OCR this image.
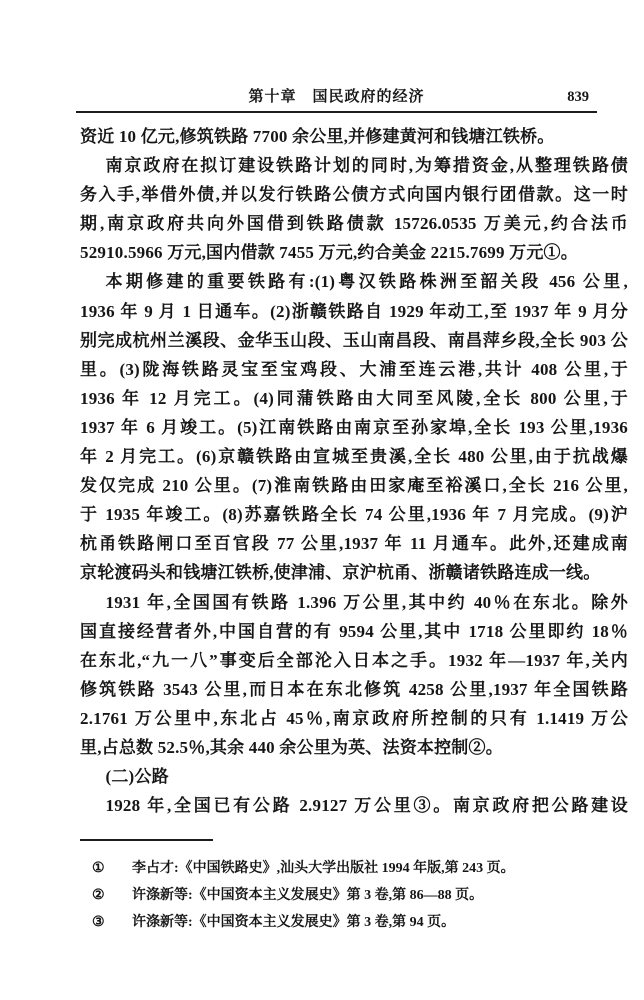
第十章　国民政府的经济	839
资近 10 亿元,修筑铁路 7700 余公里,并修建黄河和钱塘江铁桥。
南京政府在拟订建设铁路计划的同时,为筹措资金,从整理铁路债
务入手,举借外债,并以发行铁路公债方式向国内银行团借款。这一时
期,南京政府共向外国借到铁路债款 15726.0535 万美元,约合法币
52910.5966 万元,国内借款 7455 万元,约合美金 2215.7699 万元①。
本期修建的重要铁路有:(1)粤汉铁路株洲至韶关段 456 公里,
1936 年 9 月 1 日通车。(2)浙赣铁路自 1929 年动工,至 1937 年 9 月分
别完成杭州兰溪段、金华玉山段、玉山南昌段、南昌萍乡段,全长 903 公
里。(3)陇海铁路灵宝至宝鸡段、大浦至连云港,共计 408 公里,于
1936 年 12 月完工。(4)同蒲铁路由大同至风陵,全长 800 公里,于
1937 年 6 月竣工。(5)江南铁路由南京至孙家埠,全长 193 公里,1936
年 2 月完工。(6)京赣铁路由宣城至贵溪,全长 480 公里,由于抗战爆
发仅完成 210 公里。(7)淮南铁路由田家庵至裕溪口,全长 216 公里,
于 1935 年竣工。(8)苏嘉铁路全长 74 公里,1936 年 7 月完成。(9)沪
杭甬铁路闸口至百官段 77 公里,1937 年 11 月通车。此外,还建成南
京轮渡码头和钱塘江铁桥,使津浦、京沪杭甬、浙赣诸铁路连成一线。
1931 年,全国国有铁路 1.396 万公里,其中约 40％在东北。除外
国直接经营者外,中国自营的有 9594 公里,其中 1718 公里即约 18％
在东北,“九一八”事变后全部沦入日本之手。1932 年—1937 年,关内
修筑铁路 3543 公里,而日本在东北修筑 4258 公里,1937 年全国铁路
2.1761 万公里中,东北占 45％,南京政府所控制的只有 1.1419 万公
里,占总数 52.5％,其余 440 余公里为英、法资本控制②。
(二)公路
1928 年,全国已有公路 2.9127 万公里③。南京政府把公路建设
① 李占才:《中国铁路史》,汕头大学出版社 1994 年版,第 243 页。
② 许涤新等:《中国资本主义发展史》第 3 卷,第 86—88 页。
③ 许涤新等:《中国资本主义发展史》第 3 卷,第 94 页。
